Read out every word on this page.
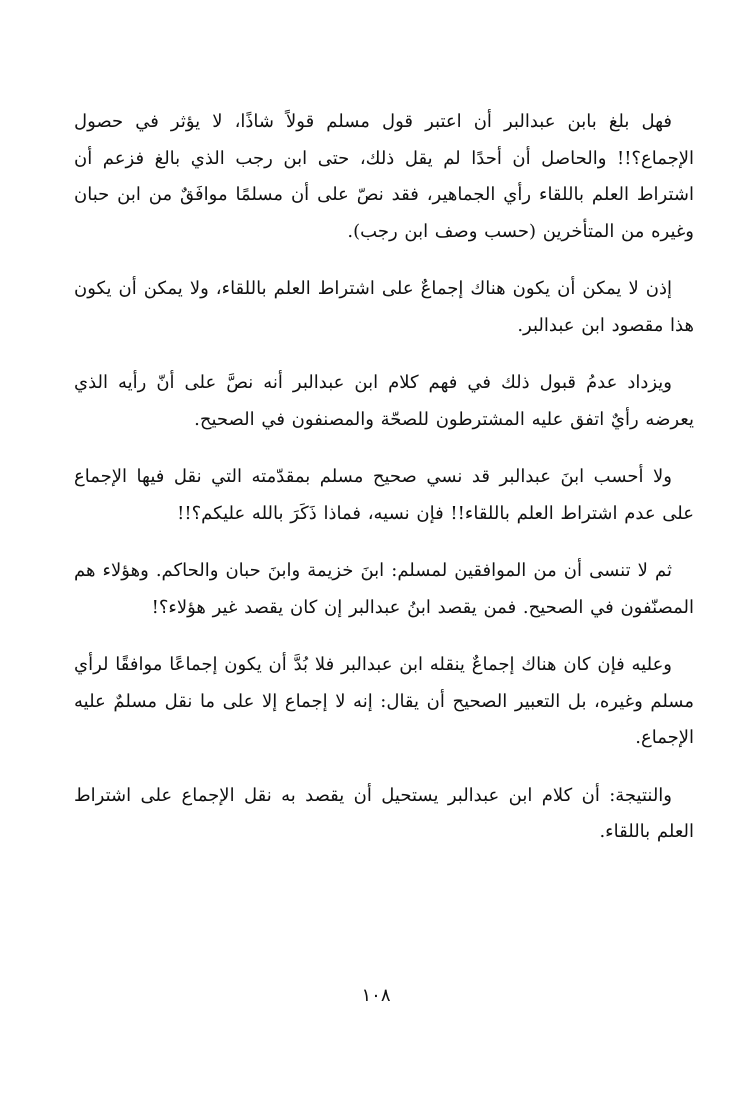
فهل بلغ بابن عبدالبر أن اعتبر قول مسلم قولاً شاذًا، لا يؤثر في حصول الإجماع؟!! والحاصل أن أحدًا لم يقل ذلك، حتى ابن رجب الذي بالغ فزعم أن اشتراط العلم باللقاء رأي الجماهير، فقد نصّ على أن مسلمًا موافَقٌ من ابن حبان وغيره من المتأخرين (حسب وصف ابن رجب).

إذن لا يمكن أن يكون هناك إجماعٌ على اشتراط العلم باللقاء، ولا يمكن أن يكون هذا مقصود ابن عبدالبر.

ويزداد عدمُ قبول ذلك في فهم كلام ابن عبدالبر أنه نصَّ على أنّ رأيه الذي يعرضه رأيٌ اتفق عليه المشترطون للصحّة والمصنفون في الصحيح.

ولا أحسب ابنَ عبدالبر قد نسي صحيح مسلم بمقدّمته التي نقل فيها الإجماع على عدم اشتراط العلم باللقاء!! فإن نسيه، فماذا ذَكَرَ بالله عليكم؟!!

ثم لا تنسى أن من الموافقين لمسلم: ابنَ خزيمة وابنَ حبان والحاكم. وهؤلاء هم المصنّفون في الصحيح. فمن يقصد ابنُ عبدالبر إن كان يقصد غير هؤلاء؟!

وعليه فإن كان هناك إجماعٌ ينقله ابن عبدالبر فلا بُدَّ أن يكون إجماعًا موافقًا لرأي مسلم وغيره، بل التعبير الصحيح أن يقال: إنه لا إجماع إلا على ما نقل مسلمٌ عليه الإجماع.

والنتيجة: أن كلام ابن عبدالبر يستحيل أن يقصد به نقل الإجماع على اشتراط العلم باللقاء.

١٠٨
